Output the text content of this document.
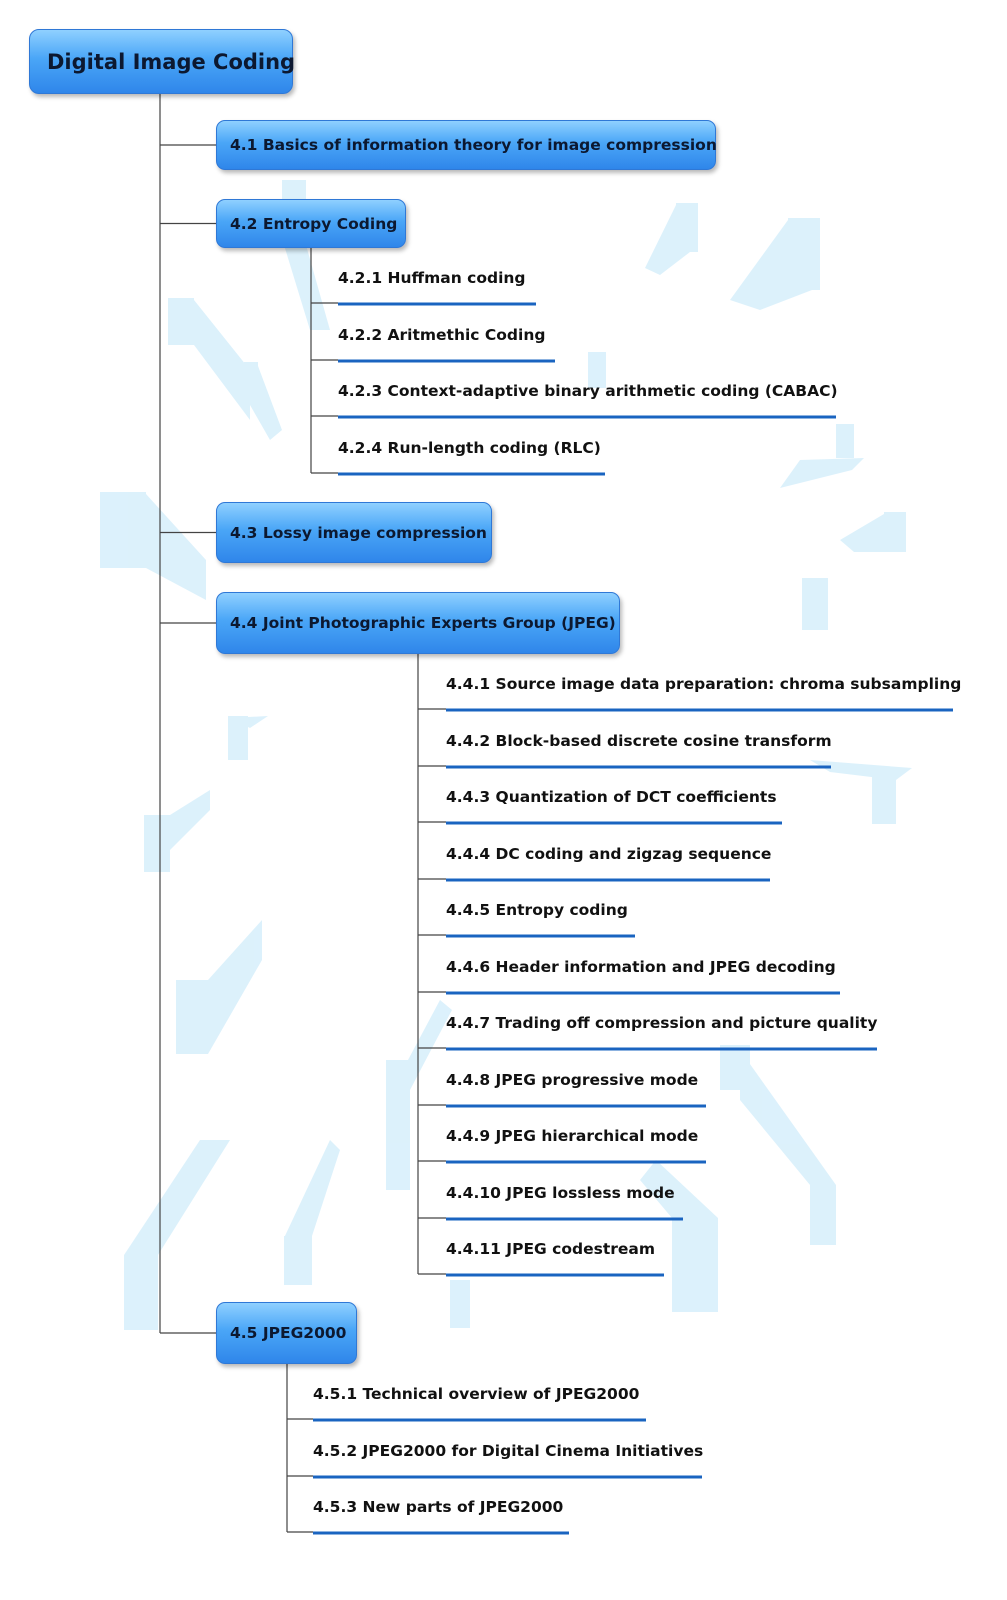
Digital Image Coding
4.1 Basics of information theory for image compression
4.2 Entropy Coding
4.2.1 Huffman coding
4.2.2 Aritmethic Coding
4.2.3 Context-adaptive binary arithmetic coding (CABAC)
4.2.4 Run-length coding (RLC)
4.3 Lossy image compression
4.4 Joint Photographic Experts Group (JPEG)
4.4.1 Source image data preparation: chroma subsampling
4.4.2 Block-based discrete cosine transform
4.4.3 Quantization of DCT coefficients
4.4.4 DC coding and zigzag sequence
4.4.5 Entropy coding
4.4.6 Header information and JPEG decoding
4.4.7 Trading off compression and picture quality
4.4.8 JPEG progressive mode
4.4.9 JPEG hierarchical mode
4.4.10 JPEG lossless mode
4.4.11 JPEG codestream
4.5 JPEG2000
4.5.1 Technical overview of JPEG2000
4.5.2 JPEG2000 for Digital Cinema Initiatives
4.5.3 New parts of JPEG2000
